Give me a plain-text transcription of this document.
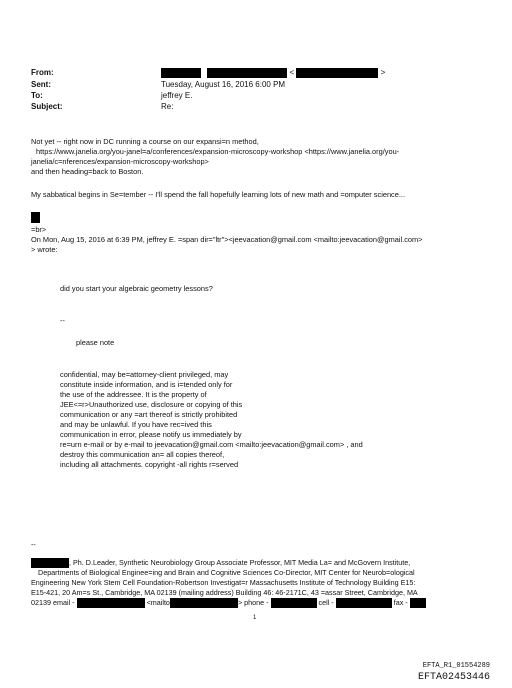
From:	<	>
Sent:	Tuesday, August 16, 2016 6:00 PM
To:	jeffrey E.
Subject:	Re:
Not yet -- right now in DC running a course on our expansi=n method,
https://www.janelia.org/you-janel=a/conferences/expansion-microscopy-workshop <https://www.janelia.org/you-
janelia/c=nferences/expansion-microscopy-workshop>
and then heading=back to Boston.
My sabbatical begins in Se=tember -- I'll spend the fall hopefully learning lots of new math and =omputer science...
=br>
On Mon, Aug 15, 2016 at 6:39 PM, jeffrey E. =span dir="ltr"><jeevacation@gmail.com <mailto:jeevacation@gmail.com>
> wrote:
did you start your algebraic geometry lessons?
--
please note
confidential, may be=attorney-client privileged, may
constitute inside information, and is i=tended only for
the use of the addressee. It is the property of
JEE<=r>Unauthorized use, disclosure or copying of this
communication or any =art thereof is strictly prohibited
and may be unlawful. If you have rec=ived this
communication in error, please notify us immediately by
re=urn e-mail or by e-mail to jeevacation@gmail.com <mailto:jeevacation@gmail.com> , and
destroy this communication an= all copies thereof,
including all attachments. copyright -all rights r=served
--
, Ph. D.Leader, Synthetic Neurobiology Group Associate Professor, MIT Media La= and McGovern Institute,
Departments of Biological Enginee=ing and Brain and Cognitive Sciences Co-Director, MIT Center for Neurob=ological
Engineering New York Stem Cell Foundation-Robertson Investigat=r Massachusetts Institute of Technology Building E15:
E15-421, 20 Am=s St., Cambridge, MA 02139 (mailing address) Building 46: 46-2171C, 43 =assar Street, Cambridge, MA
02139 email -	<mailto	> phone -	cell -	fax -
1
EFTA_R1_01554289
EFTA02453446
